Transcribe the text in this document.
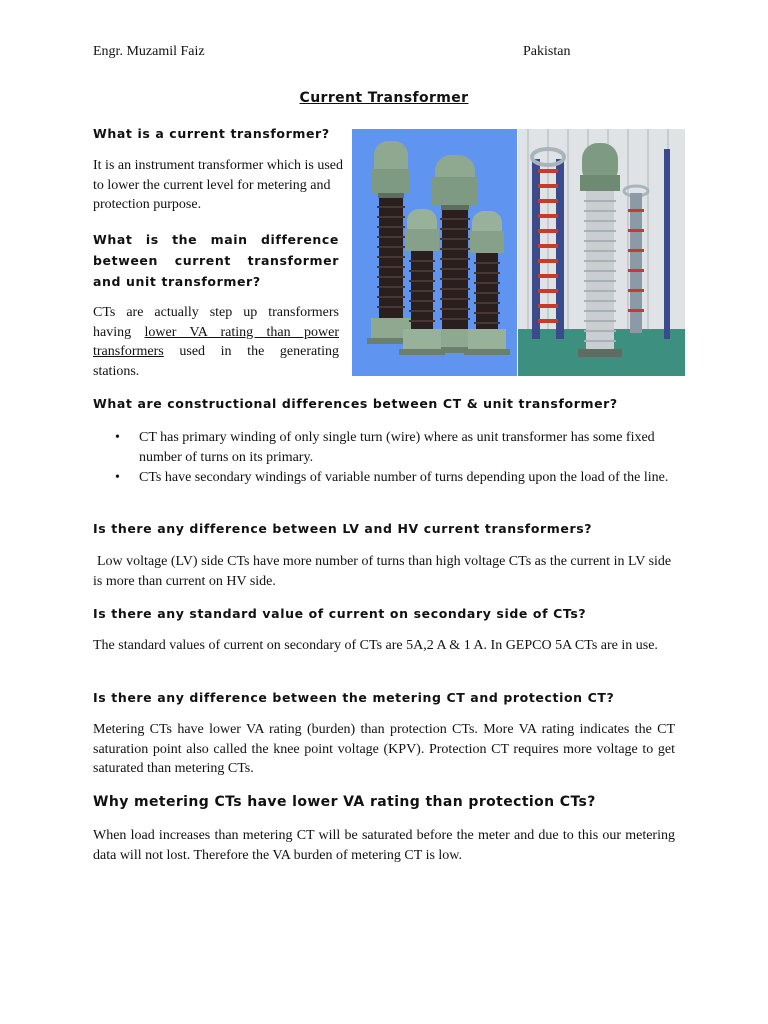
Engr. Muzamil Faiz	Pakistan
Current Transformer
What is a current transformer?
It is an instrument transformer which is used to lower the current level for metering and protection purpose.
What is the main difference between current transformer and unit transformer?
CTs are actually step up transformers having lower VA rating than power transformers used in the generating stations.
What are constructional differences between CT & unit transformer?
• CT has primary winding of only single turn (wire) where as unit transformer has some fixed number of turns on its primary.
• CTs have secondary windings of variable number of turns depending upon the load of the line.
Is there any difference between LV and HV current transformers?
Low voltage (LV) side CTs have more number of turns than high voltage CTs as the current in LV side is more than current on HV side.
Is there any standard value of current on secondary side of CTs?
The standard values of current on secondary of CTs are 5A,2 A & 1 A. In GEPCO 5A CTs are in use.
Is there any difference between the metering CT and protection CT?
Metering CTs have lower VA rating (burden) than protection CTs. More VA rating indicates the CT saturation point also called the knee point voltage (KPV). Protection CT requires more voltage to get saturated than metering CTs.
Why metering CTs have lower VA rating than protection CTs?
When load increases than metering CT will be saturated before the meter and due to this our metering data will not lost. Therefore the VA burden of metering CT is low.
